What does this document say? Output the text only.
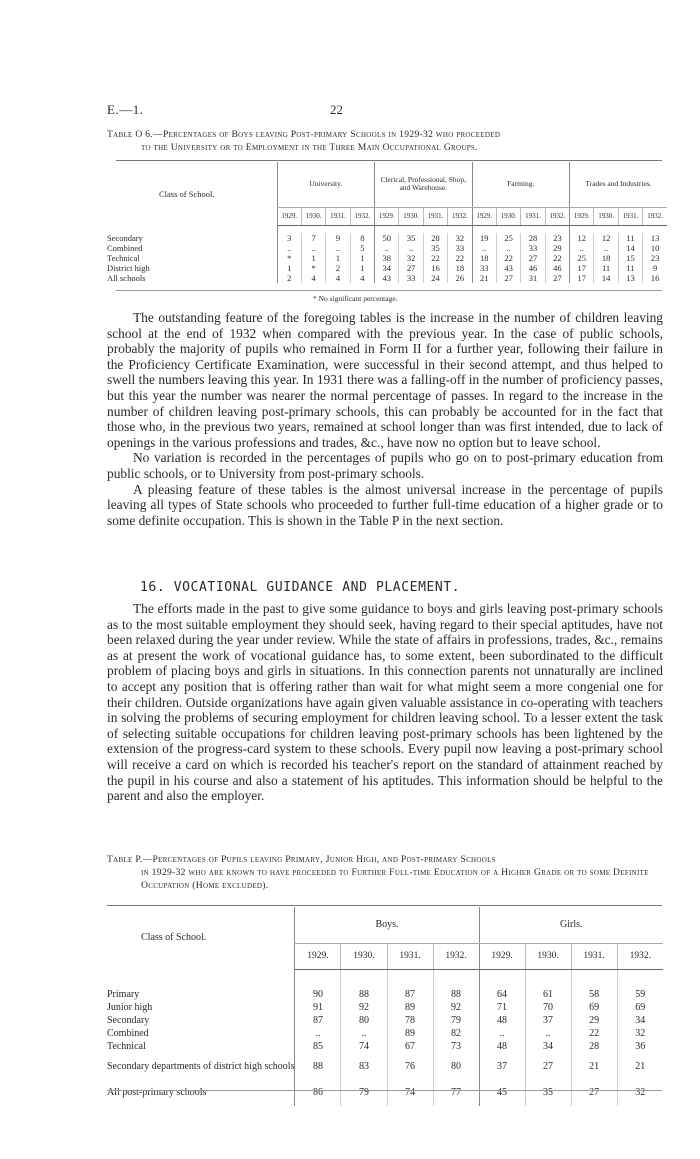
E.—1.	22
Table O 6.—Percentages of Boys leaving Post-primary Schools in 1929-32 who proceeded
to the University or to Employment in the Three Main Occupational Groups.
Class of School.	University.				Clerical, Professional, Shop, and Warehouse.				Farming.				Trades and Industries.			
	1929.	1930.	1931.	1932.	1929.	1930.	1931.	1932.	1929.	1930.	1931.	1932.	1929.	1930.	1931.	1932.

Secondary	3	7	9	8	50	35	28	32	19	25	28	23	12	12	11	13
Combined	..	..	..	5	..	..	35	33	..	..	33	29	..	..	14	10
Technical	*	1	1	1	38	32	22	22	18	22	27	22	25	18	15	23
District high	1	*	2	1	34	27	16	18	33	43	46	46	17	11	11	9
All schools	2	4	4	4	43	33	24	26	21	27	31	27	17	14	13	16
* No significant percentage.

The outstanding feature of the foregoing tables is the increase in the number of children leaving school at the end of 1932 when compared with the previous year. In the case of public schools, probably the majority of pupils who remained in Form II for a further year, following their failure in the Proficiency Certificate Examination, were successful in their second attempt, and thus helped to swell the numbers leaving this year. In 1931 there was a falling-off in the number of proficiency passes, but this year the number was nearer the normal percentage of passes. In regard to the increase in the number of children leaving post-primary schools, this can probably be accounted for in the fact that those who, in the previous two years, remained at school longer than was first intended, due to lack of openings in the various professions and trades, &c., have now no option but to leave school.

No variation is recorded in the percentages of pupils who go on to post-primary education from public schools, or to University from post-primary schools.

A pleasing feature of these tables is the almost universal increase in the percentage of pupils leaving all types of State schools who proceeded to further full-time education of a higher grade or to some definite occupation. This is shown in the Table P in the next section.

16. VOCATIONAL GUIDANCE AND PLACEMENT.

The efforts made in the past to give some guidance to boys and girls leaving post-primary schools as to the most suitable employment they should seek, having regard to their special aptitudes, have not been relaxed during the year under review. While the state of affairs in professions, trades, &c., remains as at present the work of vocational guidance has, to some extent, been subordinated to the difficult problem of placing boys and girls in situations. In this connection parents not unnaturally are inclined to accept any position that is offering rather than wait for what might seem a more congenial one for their children. Outside organizations have again given valuable assistance in co-operating with teachers in solving the problems of securing employment for children leaving school. To a lesser extent the task of selecting suitable occupations for children leaving post-primary schools has been lightened by the extension of the progress-card system to these schools. Every pupil now leaving a post-primary school will receive a card on which is recorded his teacher's report on the standard of attainment reached by the pupil in his course and also a statement of his aptitudes. This information should be helpful to the parent and also the employer.

Table P.—Percentages of Pupils leaving Primary, Junior High, and Post-primary Schools
in 1929-32 who are known to have proceeded to Further Full-time Education of a Higher Grade or to some Definite Occupation (Home excluded).
Class of School.	Boys.				Girls.			
	1929.	1930.	1931.	1932.	1929.	1930.	1931.	1932.

Primary	90	88	87	88	64	61	58	59
Junior high	91	92	89	92	71	70	69	69
Secondary	87	80	78	79	48	37	29	34
Combined	..	..	89	82	..	..	22	32
Technical	85	74	67	73	48	34	28	36
Secondary departments of district high schools	88	83	76	80	37	27	21	21
All post-primary schools	86	79	74	77	45	35	27	32
